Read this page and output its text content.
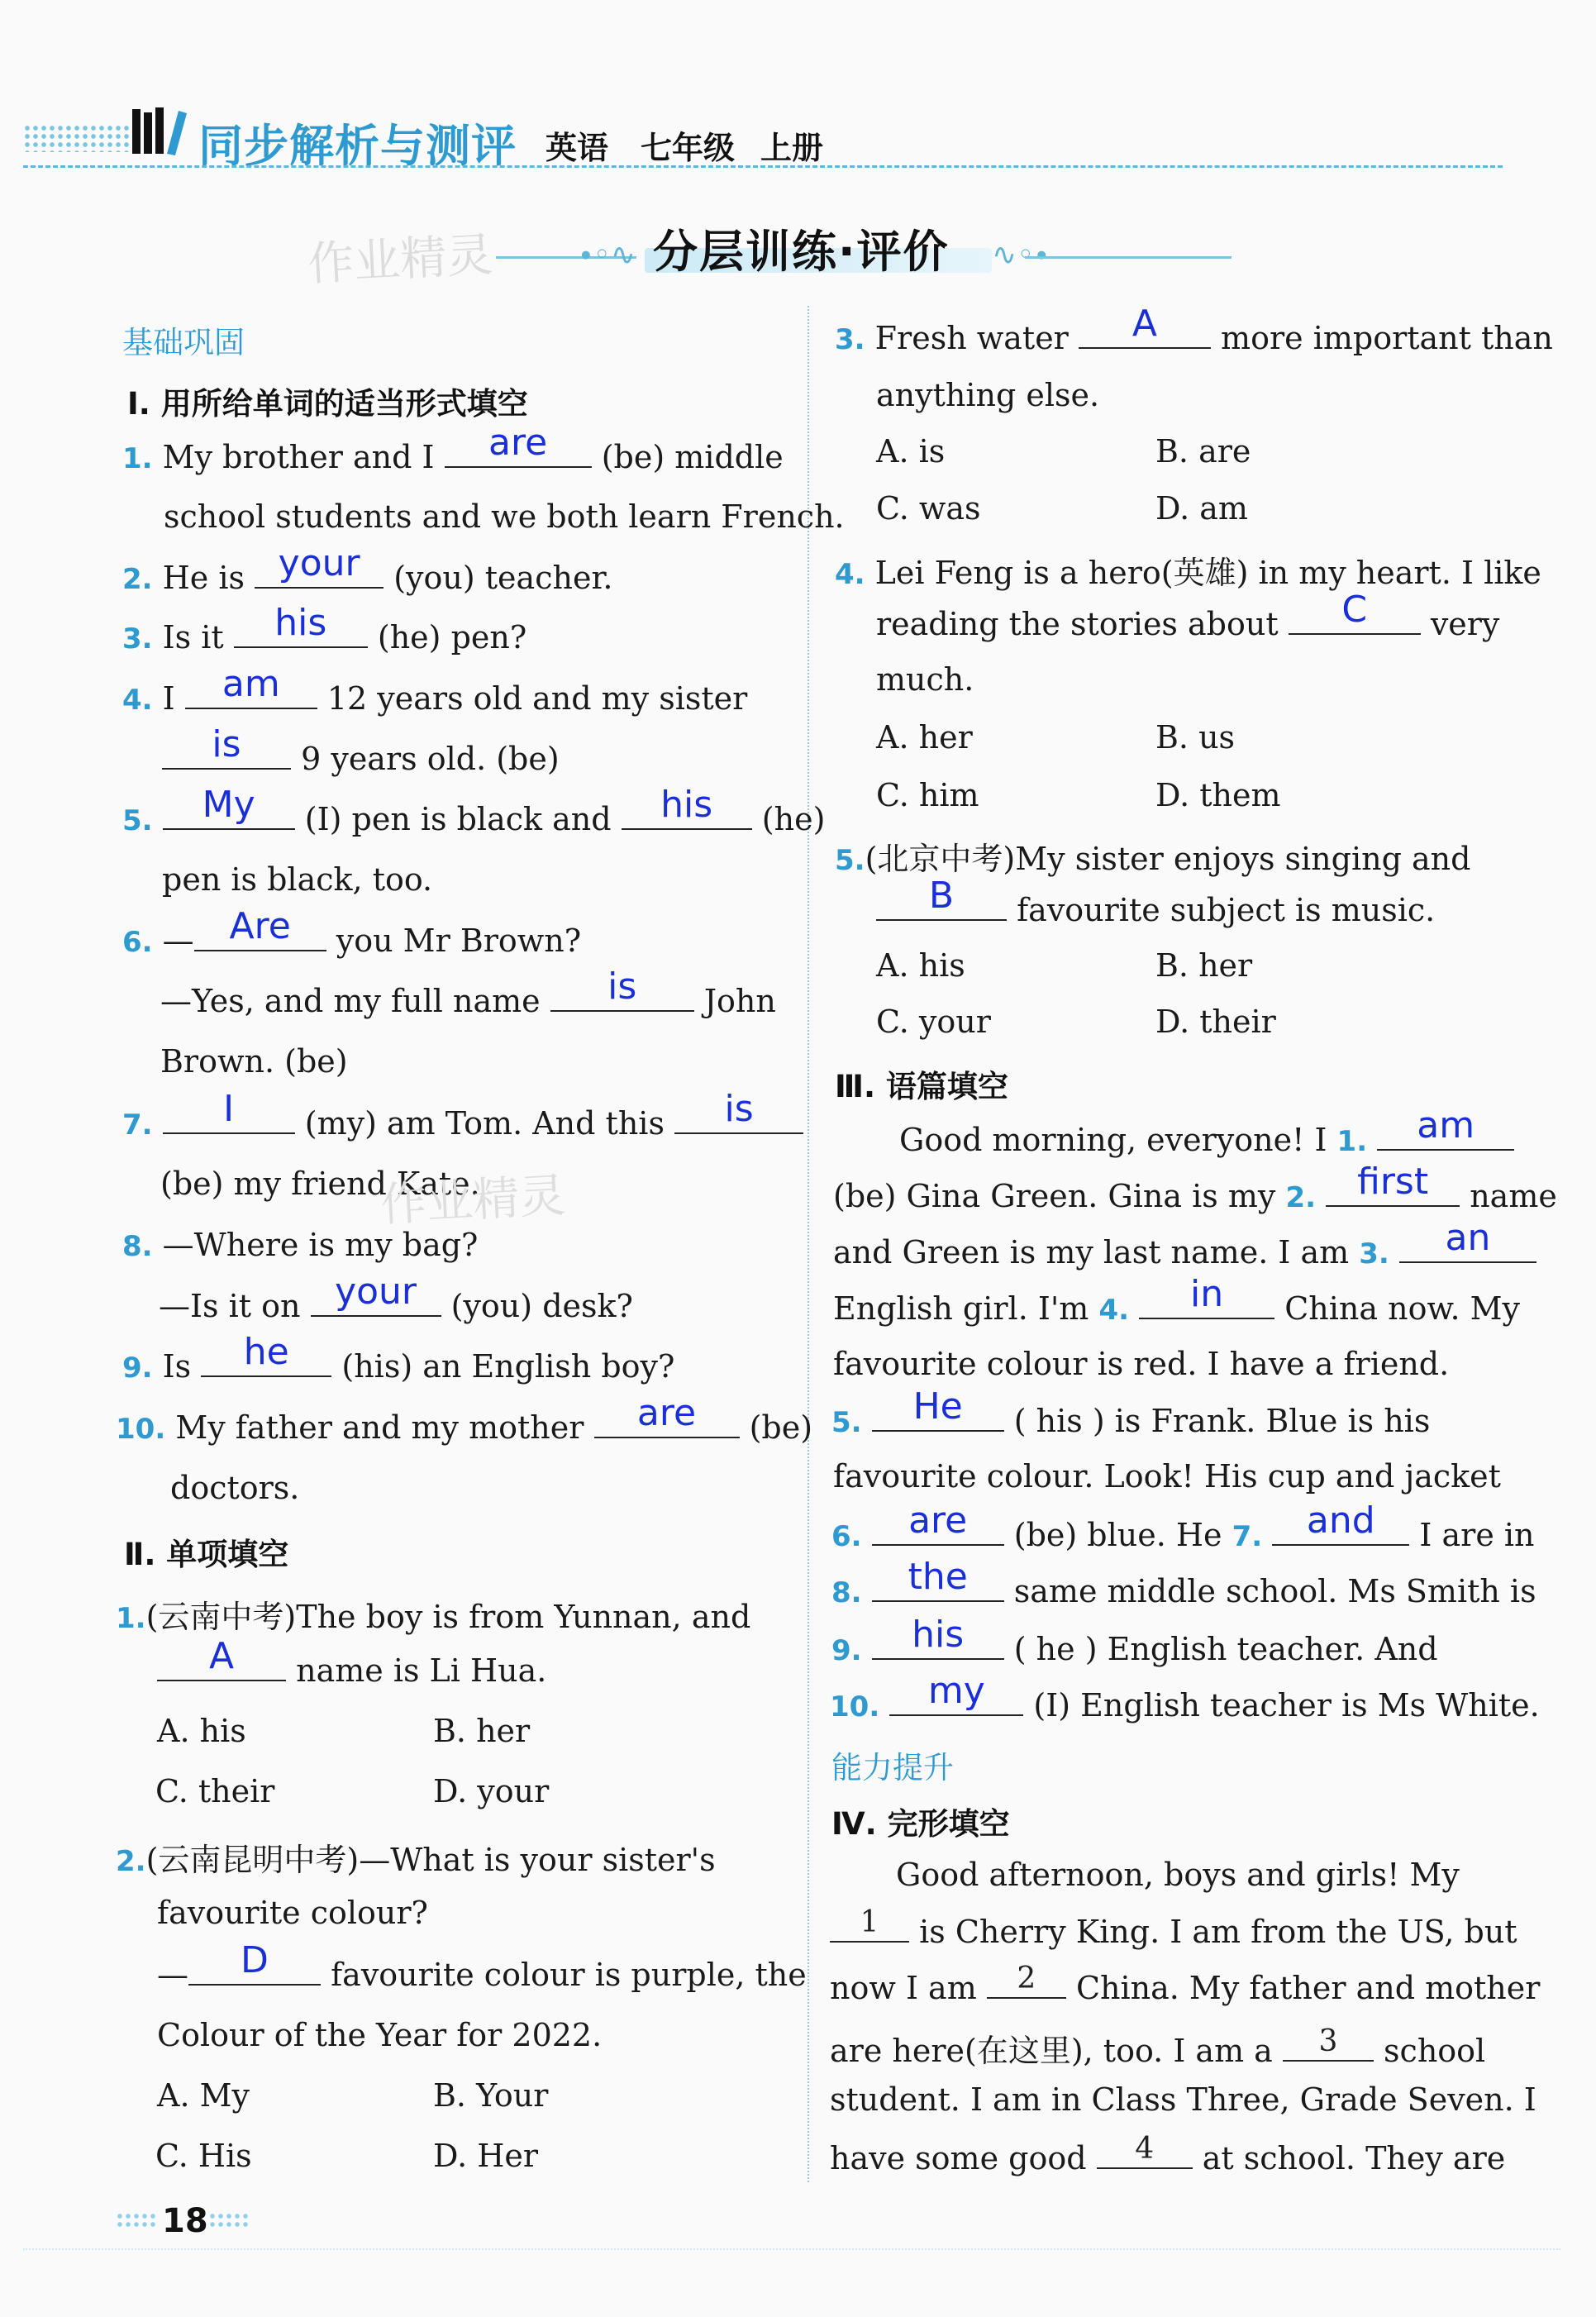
同步解析与测评 英语 七年级 上册
作业精灵	∙◦∿ 分层训练·评价 ∿◦∙
基础巩固
Ⅰ. 用所给单词的适当形式填空
1. My brother and I	are	(be) middle
school students and we both learn French.
2. He is your	(you) teacher.
3. Is it	his	(he) pen?
4. I	am	12 years old and my sister
is	9 years old. (be)
5.	My	(I) pen is black and	his	(he)
pen is black, too.
6. — Are	you Mr Brown?
—Yes, and my full name	is	John
Brown. (be)
7.	I	(my) am Tom. And this	is
(be) my friend Kate.
作业精灵
8. —Where is my bag?
—Is it on your	(you) desk?
9. Is	he	(his) an English boy?
10. My father and my mother	are	(be)
doctors.
Ⅱ. 单项填空
1.(云南中考)The boy is from Yunnan, and
A	name is Li Hua.
A. his	B. her
C. their	D. your
2.(云南昆明中考)—What is your sister's
favourite colour?
—	D	favourite colour is purple, the
Colour of the Year for 2022.
A. My	B. Your
C. His	D. Her
3. Fresh water	A	more important than
anything else.
A. is	B. are
C. was	D. am
4. Lei Feng is a hero(英雄) in my heart. I like
reading the stories about	C	very
much.
A. her	B. us
C. him	D. them
5.(北京中考)My sister enjoys singing and
B	favourite subject is music.
A. his	B. her
C. your	D. their
Ⅲ. 语篇填空
Good morning, everyone! I 1.	am
(be) Gina Green. Gina is my 2.	first	name
and Green is my last name. I am 3.	an
English girl. I'm 4.	in	China now. My
favourite colour is red. I have a friend.
5.	He	( his ) is Frank. Blue is his
favourite colour. Look! His cup and jacket
6.	are	(be) blue. He 7.	and	I are in
8.	the	same middle school. Ms Smith is
9.	his	( he ) English teacher. And
10.	my	(I) English teacher is Ms White.
能力提升
Ⅳ. 完形填空
Good afternoon, boys and girls! My
1	is Cherry King. I am from the US, but
now I am	2	China. My father and mother
are here(在这里), too. I am a	3	school
student. I am in Class Three, Grade Seven. I
have some good	4	at school. They are
18
